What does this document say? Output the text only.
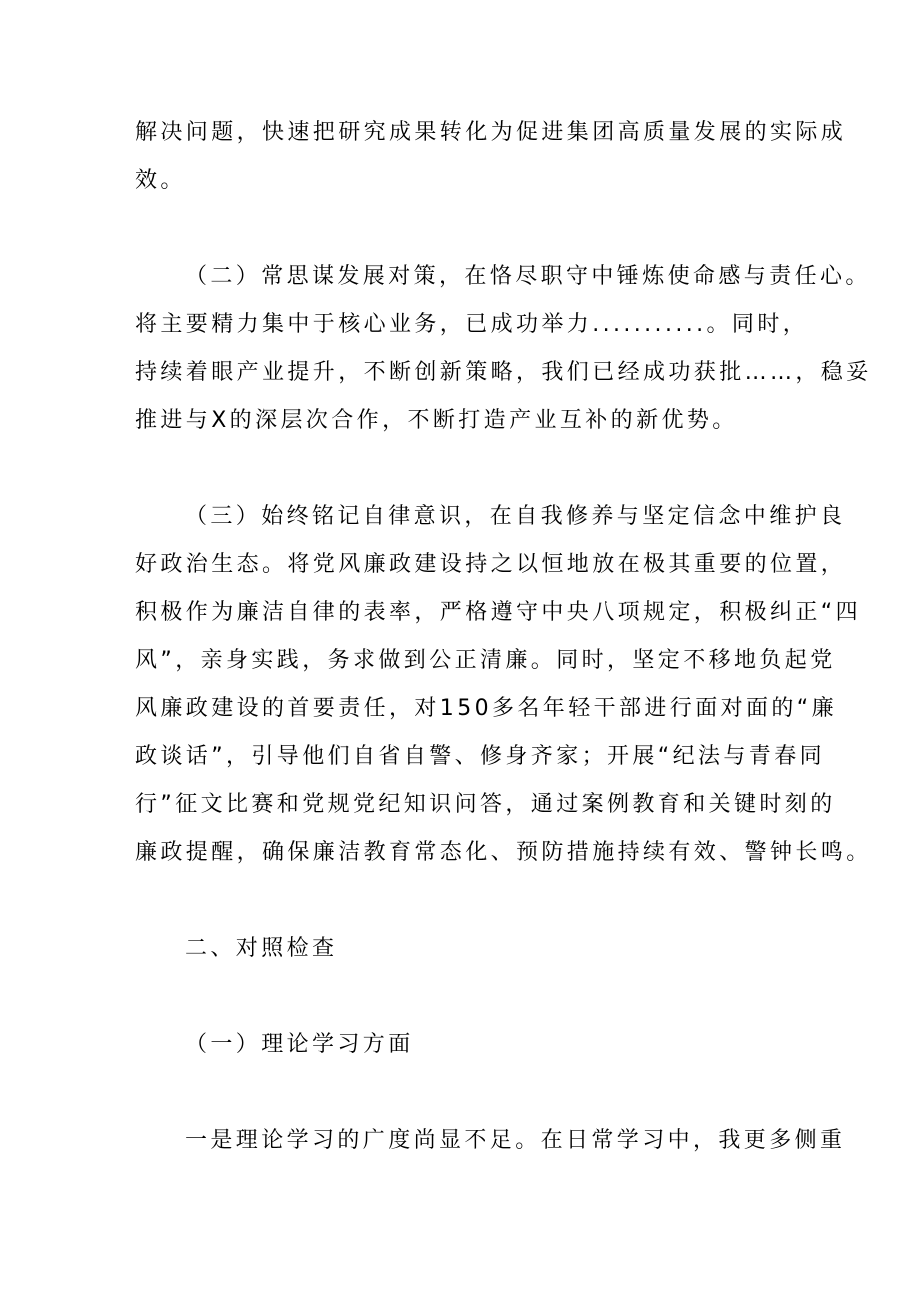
解决问题，快速把研究成果转化为促进集团高质量发展的实际成
效。
（二）常思谋发展对策，在恪尽职守中锤炼使命感与责任心。
将主要精力集中于核心业务，已成功举力...........。同时，
持续着眼产业提升，不断创新策略，我们已经成功获批……，稳妥
推进与X的深层次合作，不断打造产业互补的新优势。
（三）始终铭记自律意识，在自我修养与坚定信念中维护良
好政治生态。将党风廉政建设持之以恒地放在极其重要的位置，
积极作为廉洁自律的表率，严格遵守中央八项规定，积极纠正“四
风”，亲身实践，务求做到公正清廉。同时，坚定不移地负起党
风廉政建设的首要责任，对150多名年轻干部进行面对面的“廉
政谈话”，引导他们自省自警、修身齐家；开展“纪法与青春同
行”征文比赛和党规党纪知识问答，通过案例教育和关键时刻的
廉政提醒，确保廉洁教育常态化、预防措施持续有效、警钟长鸣。
二、对照检查
（一）理论学习方面
一是理论学习的广度尚显不足。在日常学习中，我更多侧重
